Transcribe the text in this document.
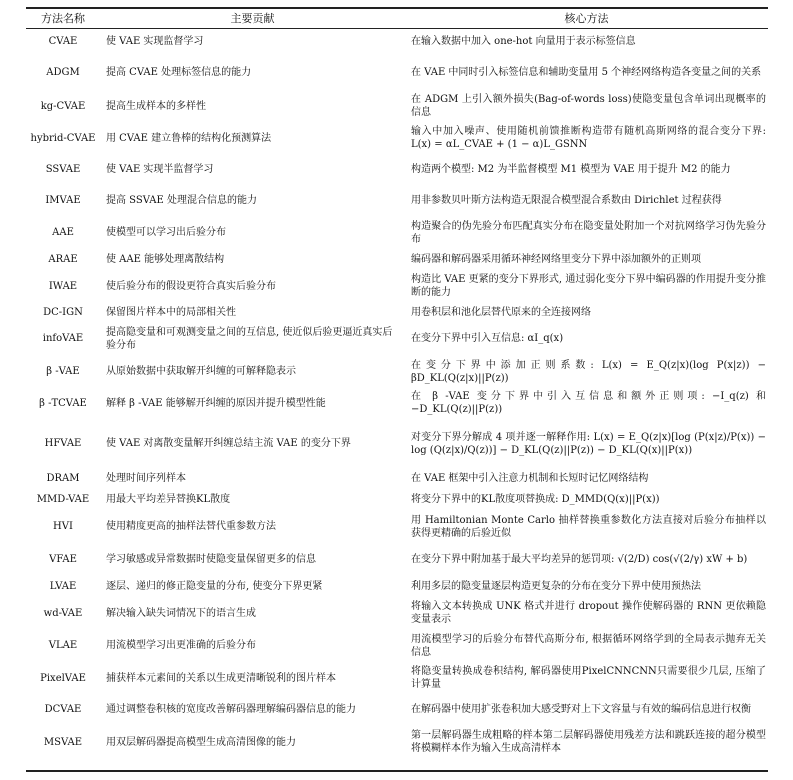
方法名称	主要贡献	核心方法
CVAE	使 VAE 实现监督学习	在输入数据中加入 one-hot 向量用于表示标签信息
ADGM	提高 CVAE 处理标签信息的能力	在 VAE 中同时引入标签信息和辅助变量用 5 个神经网络构造各变量之间的关系
kg-CVAE	提高生成样本的多样性	在 ADGM 上引入额外损失(Bag-of-words loss)使隐变量包含单词出现概率的信息
hybrid-CVAE	用 CVAE 建立鲁棒的结构化预测算法	输入中加入噪声、使用随机前馈推断构造带有随机高斯网络的混合变分下界: L(x) = αL_CVAE + (1 − α)L_GSNN
SSVAE	使 VAE 实现半监督学习	构造两个模型: M2 为半监督模型 M1 模型为 VAE 用于提升 M2 的能力
IMVAE	提高 SSVAE 处理混合信息的能力	用非参数贝叶斯方法构造无限混合模型混合系数由 Dirichlet 过程获得
AAE	使模型可以学习出后验分布	构造聚合的伪先验分布匹配真实分布在隐变量处附加一个对抗网络学习伪先验分布
ARAE	使 AAE 能够处理离散结构	编码器和解码器采用循环神经网络里变分下界中添加额外的正则项
IWAE	使后验分布的假设更符合真实后验分布	构造比 VAE 更紧的变分下界形式, 通过弱化变分下界中编码器的作用提升变分推断的能力
DC-IGN	保留图片样本中的局部相关性	用卷积层和池化层替代原来的全连接网络
infoVAE	提高隐变量和可观测变量之间的互信息, 使近似后验更逼近真实后验分布	在变分下界中引入互信息: αI_q(x)
β -VAE	从原始数据中获取解开纠缠的可解释隐表示	在变分下界中添加正则系数: L(x) = E_Q(z|x)(log P(x|z)) − βD_KL(Q(z|x)||P(z))
β -TCVAE	解释 β -VAE 能够解开纠缠的原因并提升模型性能	在 β -VAE 变分下界中引入互信息和额外正则项: −I_q(z) 和 −D_KL(Q(z)||P(z))
HFVAE	使 VAE 对离散变量解开纠缠总结主流 VAE 的变分下界	对变分下界分解成 4 项并逐一解释作用: L(x) = E_Q(z|x)[log (P(x|z)/P(x)) − log (Q(z|x)/Q(z))] − D_KL(Q(z)||P(z)) − D_KL(Q(x)||P(x))
DRAM	处理时间序列样本	在 VAE 框架中引入注意力机制和长短时记忆网络结构
MMD-VAE	用最大平均差异替换KL散度	将变分下界中的KL散度项替换成: D_MMD(Q(x)||P(x))
HVI	使用精度更高的抽样法替代重参数方法	用 Hamiltonian Monte Carlo 抽样替换重参数化方法直接对后验分布抽样以获得更精确的后验近似
VFAE	学习敏感或异常数据时使隐变量保留更多的信息	在变分下界中附加基于最大平均差异的惩罚项: √(2/D) cos(√(2/γ) xW + b)
LVAE	逐层、递归的修正隐变量的分布, 使变分下界更紧	利用多层的隐变量逐层构造更复杂的分布在变分下界中使用预热法
wd-VAE	解决输入缺失词情况下的语言生成	将输入文本转换成 UNK 格式并进行 dropout 操作使解码器的 RNN 更依赖隐变量表示
VLAE	用流模型学习出更准确的后验分布	用流模型学习的后验分布替代高斯分布, 根据循环网络学到的全局表示抛弃无关信息
PixelVAE	捕获样本元素间的关系以生成更清晰锐利的图片样本	将隐变量转换成卷积结构, 解码器使用PixelCNNCNN只需要很少几层, 压缩了计算量
DCVAE	通过调整卷积核的宽度改善解码器理解编码器信息的能力	在解码器中使用扩张卷积加大感受野对上下文容量与有效的编码信息进行权衡
MSVAE	用双层解码器提高模型生成高清图像的能力	第一层解码器生成粗略的样本第二层解码器使用残差方法和跳跃连接的超分模型将模糊样本作为输入生成高清样本
